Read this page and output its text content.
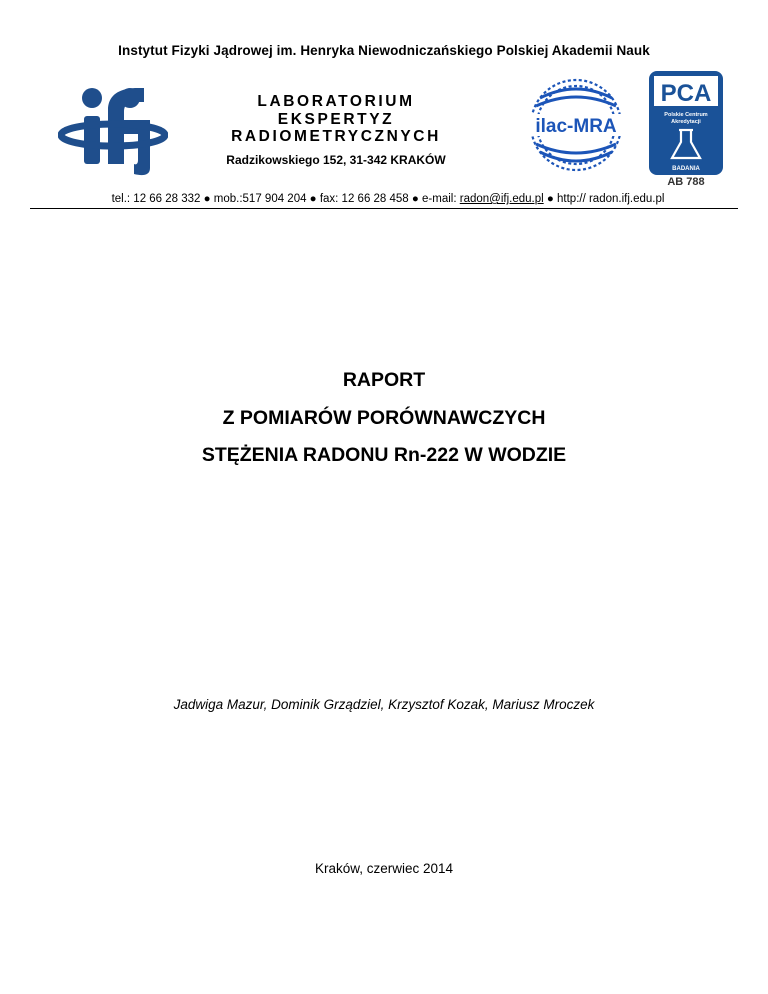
Instytut Fizyki Jądrowej im. Henryka Niewodniczańskiego Polskiej Akademii Nauk
ifj
LABORATORIUM
EKSPERTYZ
RADIOMETRYCZNYCH
Radzikowskiego 152, 31-342 KRAKÓW
ilac-MRA
PCA
Polskie Centrum
Akredytacji
BADANIA
AB 788
tel.: 12 66 28 332 ● mob.:517 904 204 ● fax: 12 66 28 458 ● e-mail: radon@ifj.edu.pl ● http:// radon.ifj.edu.pl
RAPORT
Z POMIARÓW PORÓWNAWCZYCH
STĘŻENIA RADONU Rn-222 W WODZIE
Jadwiga Mazur, Dominik Grządziel, Krzysztof Kozak, Mariusz Mroczek
Kraków, czerwiec 2014
